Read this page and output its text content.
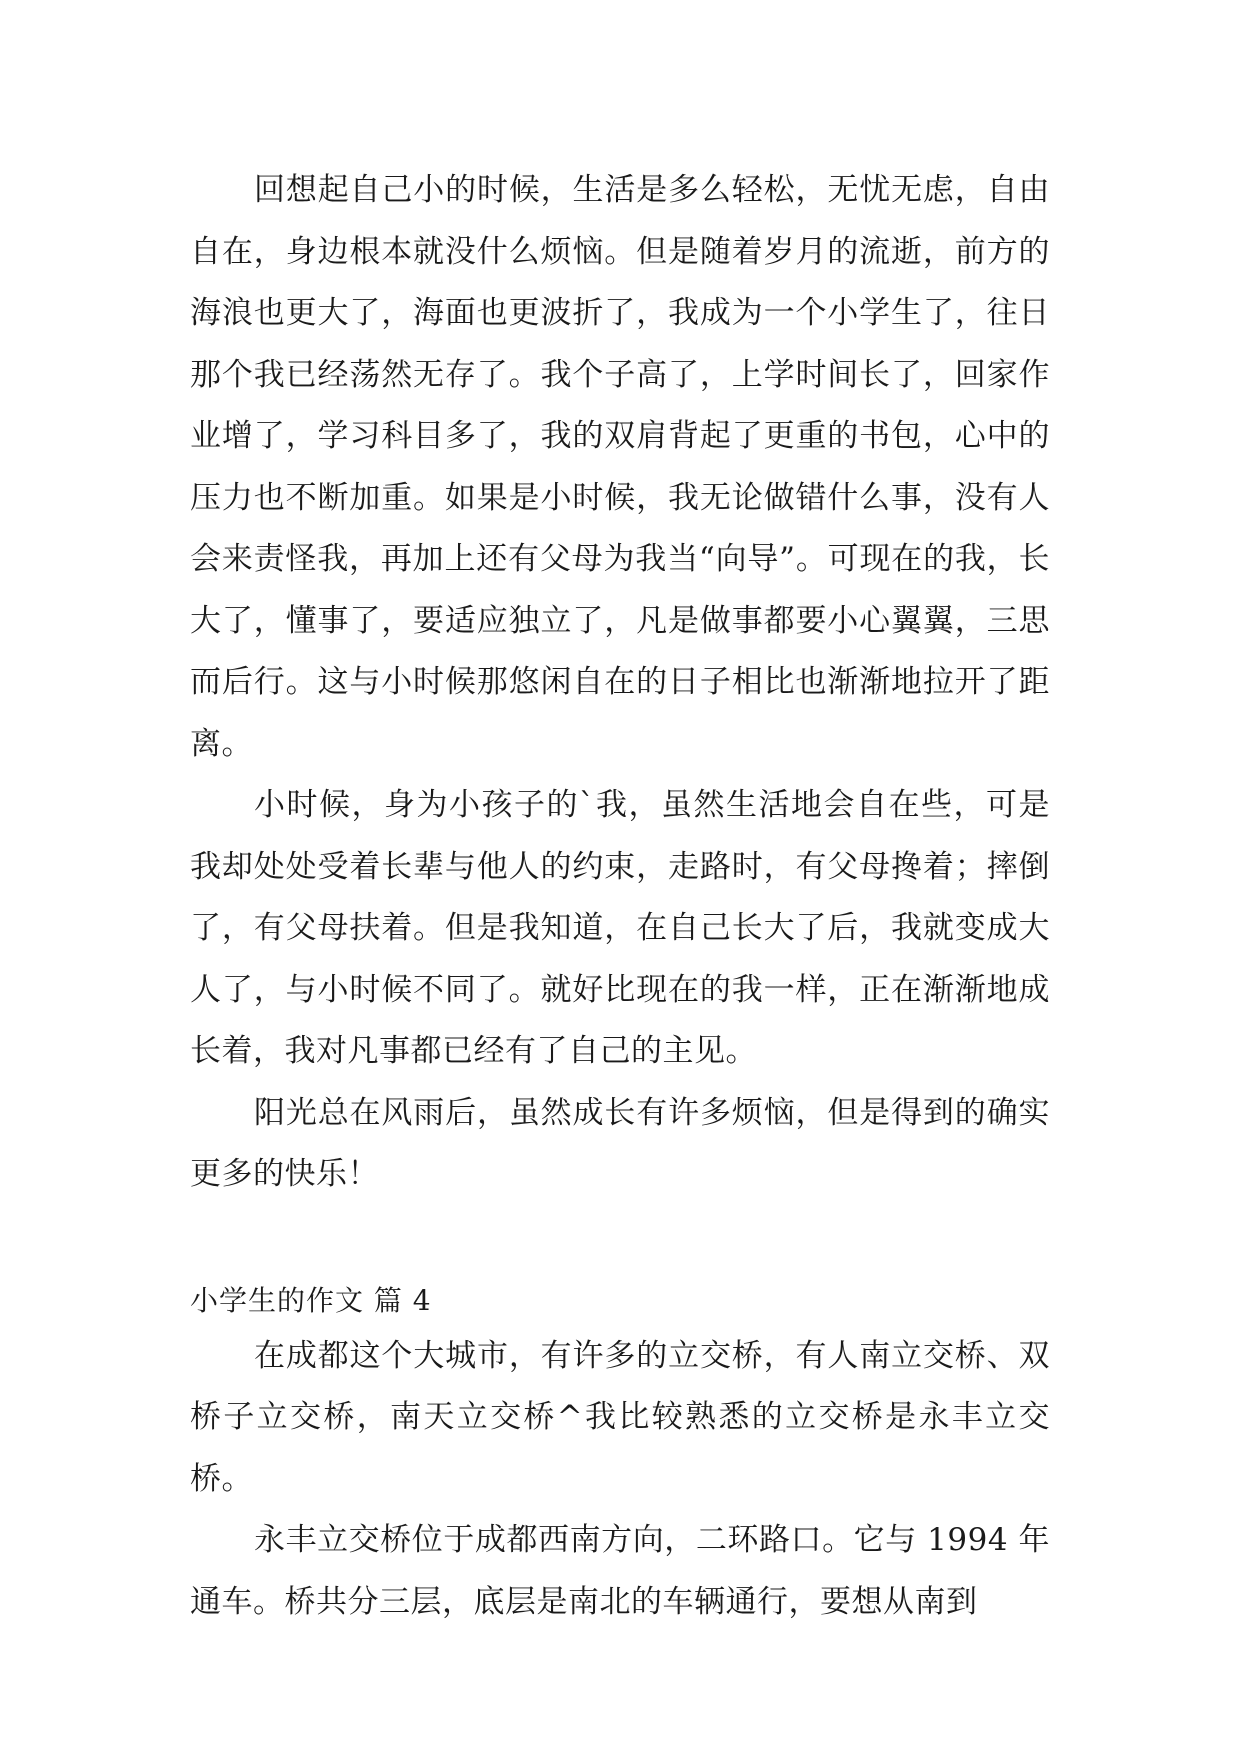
回想起自己小的时候，生活是多么轻松，无忧无虑，自由自在，身边根本就没什么烦恼。但是随着岁月的流逝，前方的海浪也更大了，海面也更波折了，我成为一个小学生了，往日那个我已经荡然无存了。我个子高了，上学时间长了，回家作业增了，学习科目多了，我的双肩背起了更重的书包，心中的压力也不断加重。如果是小时候，我无论做错什么事，没有人会来责怪我，再加上还有父母为我当“向导”。可现在的我，长大了，懂事了，要适应独立了，凡是做事都要小心翼翼，三思而后行。这与小时候那悠闲自在的日子相比也渐渐地拉开了距离。

小时候，身为小孩子的`我，虽然生活地会自在些，可是我却处处受着长辈与他人的约束，走路时，有父母搀着；摔倒了，有父母扶着。但是我知道，在自己长大了后，我就变成大人了，与小时候不同了。就好比现在的我一样，正在渐渐地成长着，我对凡事都已经有了自己的主见。

阳光总在风雨后，虽然成长有许多烦恼，但是得到的确实更多的快乐！

小学生的作文 篇 4

在成都这个大城市，有许多的立交桥，有人南立交桥、双桥子立交桥，南天立交桥^我比较熟悉的立交桥是永丰立交桥。

永丰立交桥位于成都西南方向，二环路口。它与 1994 年通车。桥共分三层，底层是南北的车辆通行，要想从南到
